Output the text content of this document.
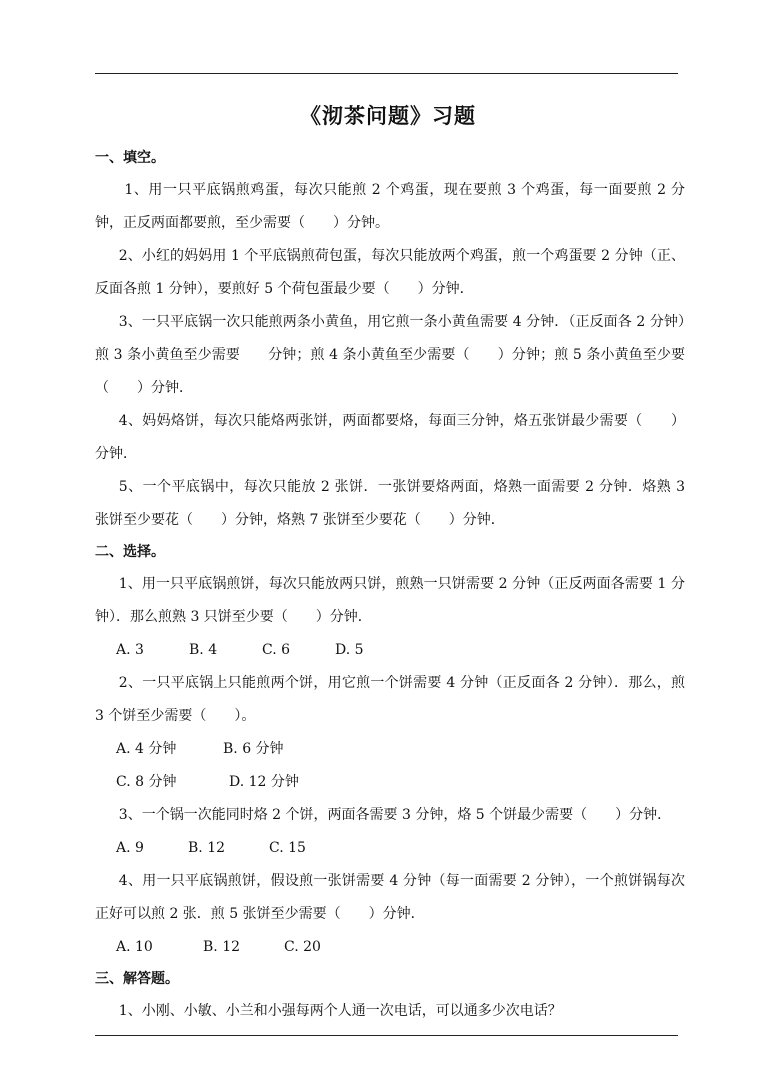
《沏茶问题》习题
一、填空。
1、用一只平底锅煎鸡蛋，每次只能煎 2 个鸡蛋，现在要煎 3 个鸡蛋，每一面要煎 2 分钟，正反两面都要煎，至少需要（　　）分钟。
2、小红的妈妈用 1 个平底锅煎荷包蛋，每次只能放两个鸡蛋，煎一个鸡蛋要 2 分钟（正、反面各煎 1 分钟），要煎好 5 个荷包蛋最少要（　　）分钟．
3、一只平底锅一次只能煎两条小黄鱼，用它煎一条小黄鱼需要 4 分钟．（正反面各 2 分钟）煎 3 条小黄鱼至少需要　　分钟；煎 4 条小黄鱼至少需要（　　）分钟；煎 5 条小黄鱼至少要（　　）分钟．
4、妈妈烙饼，每次只能烙两张饼，两面都要烙，每面三分钟，烙五张饼最少需要（　　）分钟．
5、一个平底锅中，每次只能放 2 张饼．一张饼要烙两面，烙熟一面需要 2 分钟．烙熟 3 张饼至少要花（　　）分钟，烙熟 7 张饼至少要花（　　）分钟．
二、选择。
1、用一只平底锅煎饼，每次只能放两只饼，煎熟一只饼需要 2 分钟（正反两面各需要 1 分钟）．那么煎熟 3 只饼至少要（　　）分钟．
A. 3	B. 4	C. 6	D. 5
2、一只平底锅上只能煎两个饼，用它煎一个饼需要 4 分钟（正反面各 2 分钟）．那么，煎 3 个饼至少需要（　　）。
A. 4 分钟	B. 6 分钟
C. 8 分钟	D. 12 分钟
3、一个锅一次能同时烙 2 个饼，两面各需要 3 分钟，烙 5 个饼最少需要（　　）分钟．
A. 9	B. 12	C. 15
4、用一只平底锅煎饼，假设煎一张饼需要 4 分钟（每一面需要 2 分钟），一个煎饼锅每次正好可以煎 2 张．煎 5 张饼至少需要（　　）分钟．
A. 10	B. 12	C. 20
三、解答题。
1、小刚、小敏、小兰和小强每两个人通一次电话，可以通多少次电话？
